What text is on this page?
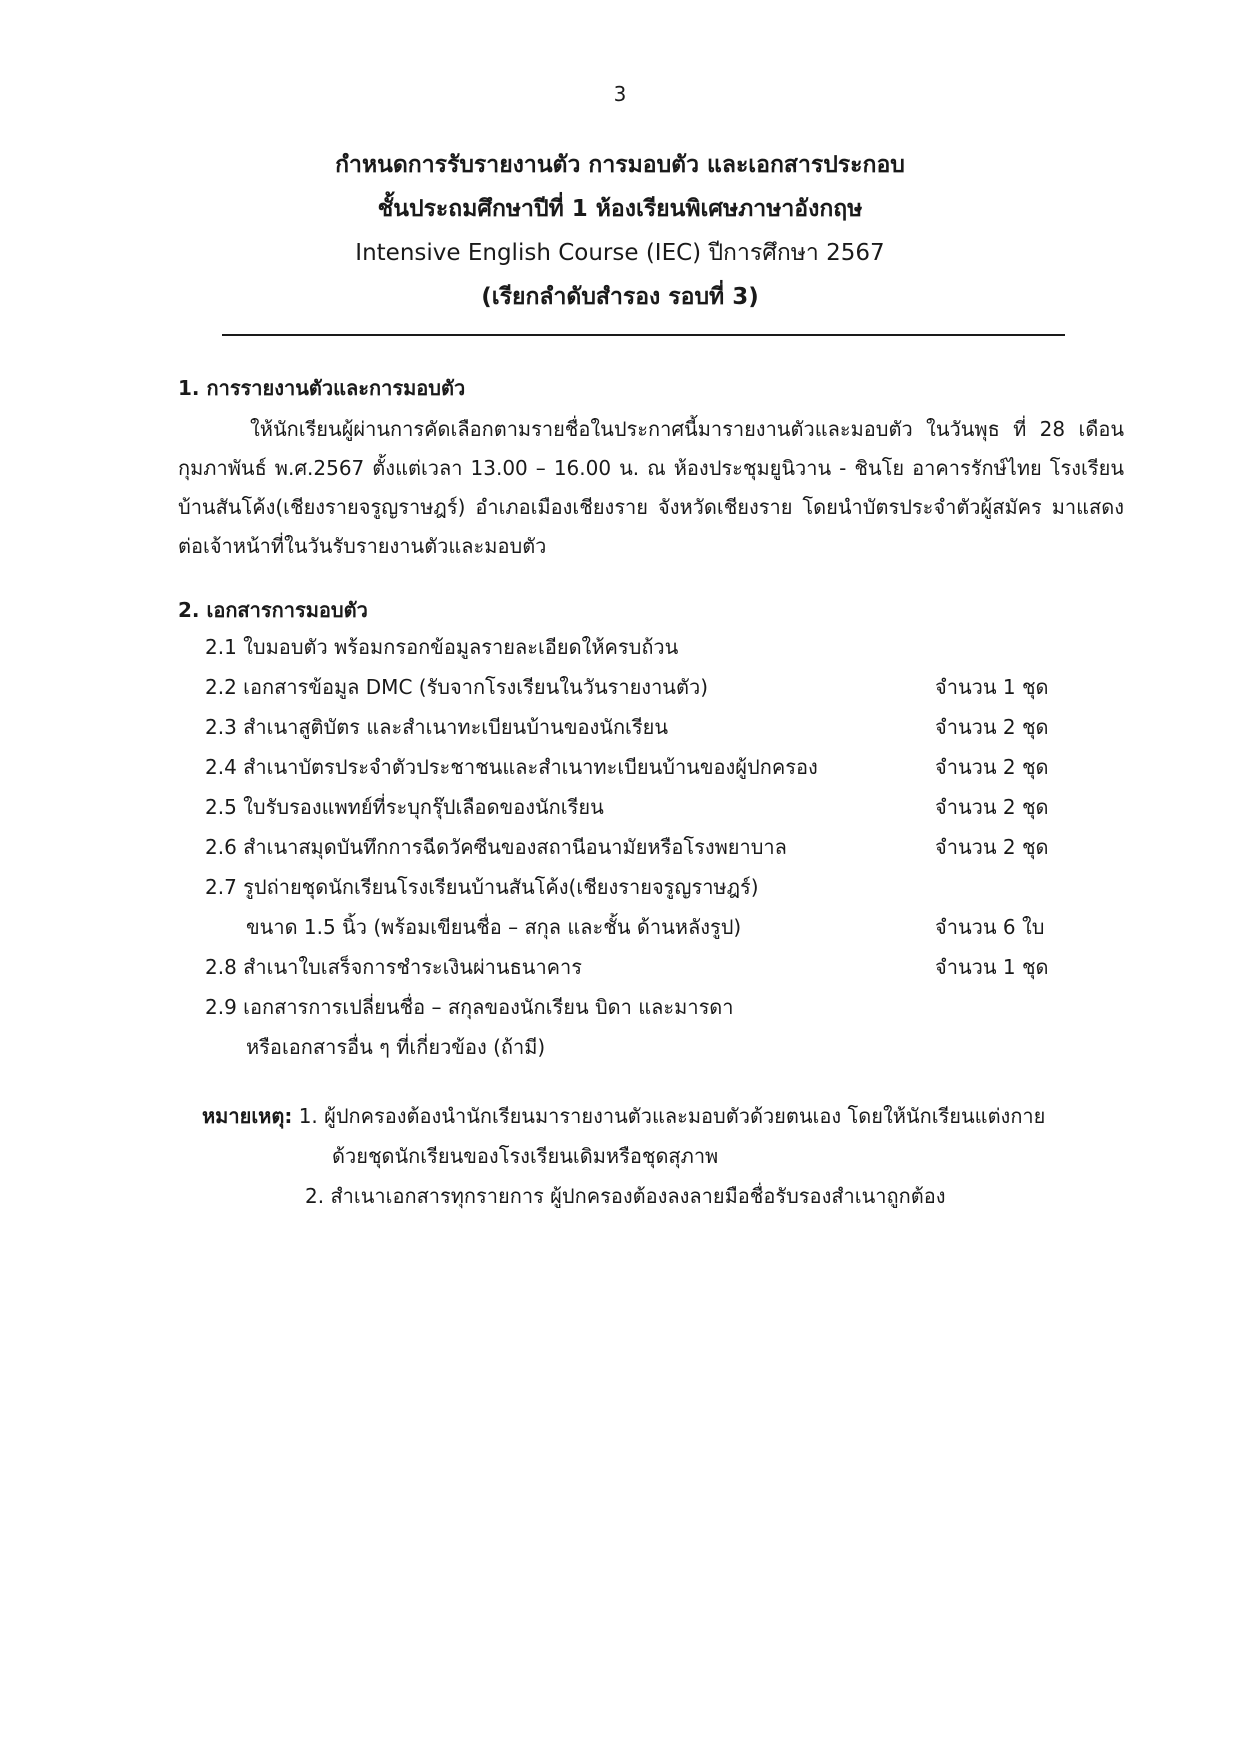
3

กำหนดการรับรายงานตัว การมอบตัว และเอกสารประกอบ

ชั้นประถมศึกษาปีที่ 1 ห้องเรียนพิเศษภาษาอังกฤษ

Intensive English Course (IEC) ปีการศึกษา 2567

(เรียกลำดับสำรอง รอบที่ 3)

1. การรายงานตัวและการมอบตัว
ให้นักเรียนผู้ผ่านการคัดเลือกตามรายชื่อในประกาศนี้มารายงานตัวและมอบตัว ในวันพุธ ที่ 28 เดือน กุมภาพันธ์ พ.ศ.2567 ตั้งแต่เวลา 13.00 – 16.00 น. ณ ห้องประชุมยูนิวาน - ชินโย อาคารรักษ์ไทย โรงเรียนบ้านสันโค้ง(เชียงรายจรูญราษฎร์) อำเภอเมืองเชียงราย จังหวัดเชียงราย โดยนำบัตรประจำตัวผู้สมัคร มาแสดงต่อเจ้าหน้าที่ในวันรับรายงานตัวและมอบตัว
2. เอกสารการมอบตัว
2.1 ใบมอบตัว พร้อมกรอกข้อมูลรายละเอียดให้ครบถ้วน
2.2 เอกสารข้อมูล DMC (รับจากโรงเรียนในวันรายงานตัว)	จำนวน 1 ชุด
2.3 สำเนาสูติบัตร และสำเนาทะเบียนบ้านของนักเรียน	จำนวน 2 ชุด
2.4 สำเนาบัตรประจำตัวประชาชนและสำเนาทะเบียนบ้านของผู้ปกครอง	จำนวน 2 ชุด
2.5 ใบรับรองแพทย์ที่ระบุกรุ๊ปเลือดของนักเรียน	จำนวน 2 ชุด
2.6 สำเนาสมุดบันทึกการฉีดวัคซีนของสถานีอนามัยหรือโรงพยาบาล	จำนวน 2 ชุด
2.7 รูปถ่ายชุดนักเรียนโรงเรียนบ้านสันโค้ง(เชียงรายจรูญราษฎร์)
ขนาด 1.5 นิ้ว (พร้อมเขียนชื่อ – สกุล และชั้น ด้านหลังรูป)	จำนวน 6 ใบ
2.8 สำเนาใบเสร็จการชำระเงินผ่านธนาคาร	จำนวน 1 ชุด
2.9 เอกสารการเปลี่ยนชื่อ – สกุลของนักเรียน บิดา และมารดา
หรือเอกสารอื่น ๆ ที่เกี่ยวข้อง (ถ้ามี)
หมายเหตุ: 1. ผู้ปกครองต้องนำนักเรียนมารายงานตัวและมอบตัวด้วยตนเอง โดยให้นักเรียนแต่งกาย
ด้วยชุดนักเรียนของโรงเรียนเดิมหรือชุดสุภาพ
2. สำเนาเอกสารทุกรายการ ผู้ปกครองต้องลงลายมือชื่อรับรองสำเนาถูกต้อง
